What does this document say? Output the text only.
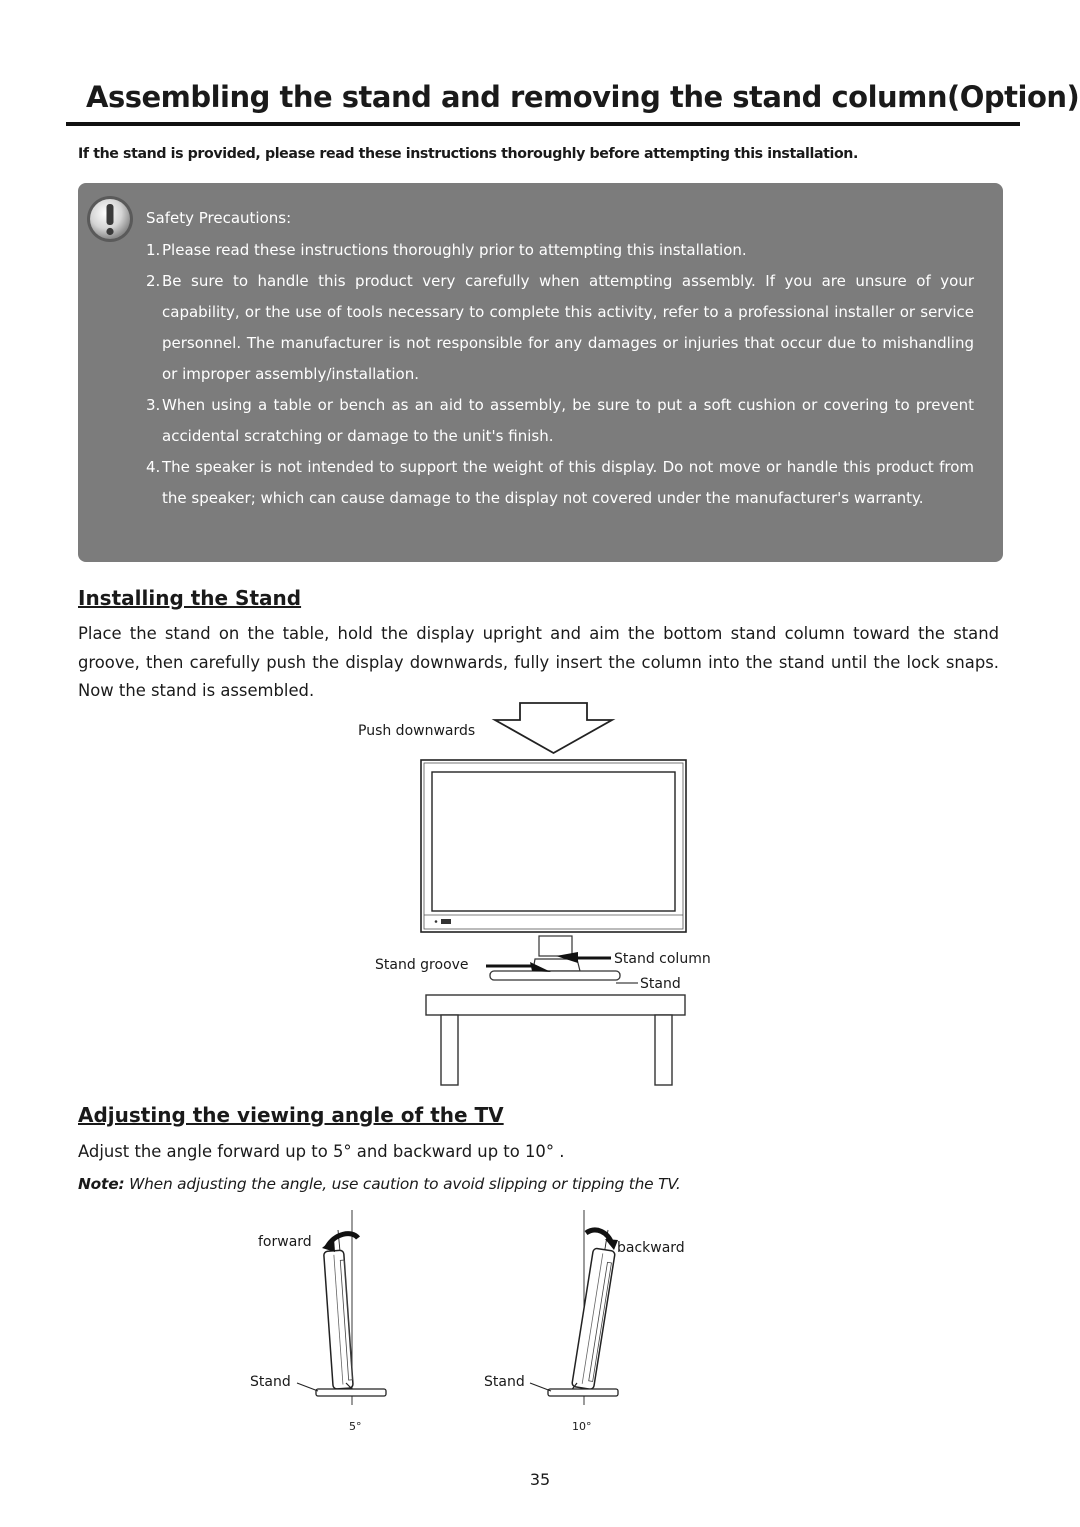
Assembling the stand and removing the stand column(Option)
If the stand is provided, please read these instructions thoroughly before attempting this installation.
Safety Precautions:
1. Please read these instructions thoroughly prior to attempting this installation.
2. Be sure to handle this product very carefully when attempting assembly. If you are unsure of your capability, or the use of tools necessary to complete this activity, refer to a professional installer or service personnel. The manufacturer is not responsible for any damages or injuries that occur due to mishandling or improper assembly/installation.
3. When using a table or bench as an aid to assembly, be sure to put a soft cushion or covering to prevent accidental scratching or damage to the unit's finish.
4. The speaker is not intended to support the weight of this display. Do not move or handle this product from the speaker; which can cause damage to the display not covered under the manufacturer's warranty.
Installing the Stand
Place the stand on the table, hold the display upright and aim the bottom stand column toward the stand groove, then carefully push the display downwards, fully insert the column into the stand until the lock snaps. Now the stand is assembled.
Push downwards
Stand groove	Stand column
Stand
Adjusting the viewing angle of the TV
Adjust the angle forward up to 5° and backward up to 10° .
Note: When adjusting the angle, use caution to avoid slipping or tipping the TV.
forward	backward
Stand	Stand
5°	10°
35
